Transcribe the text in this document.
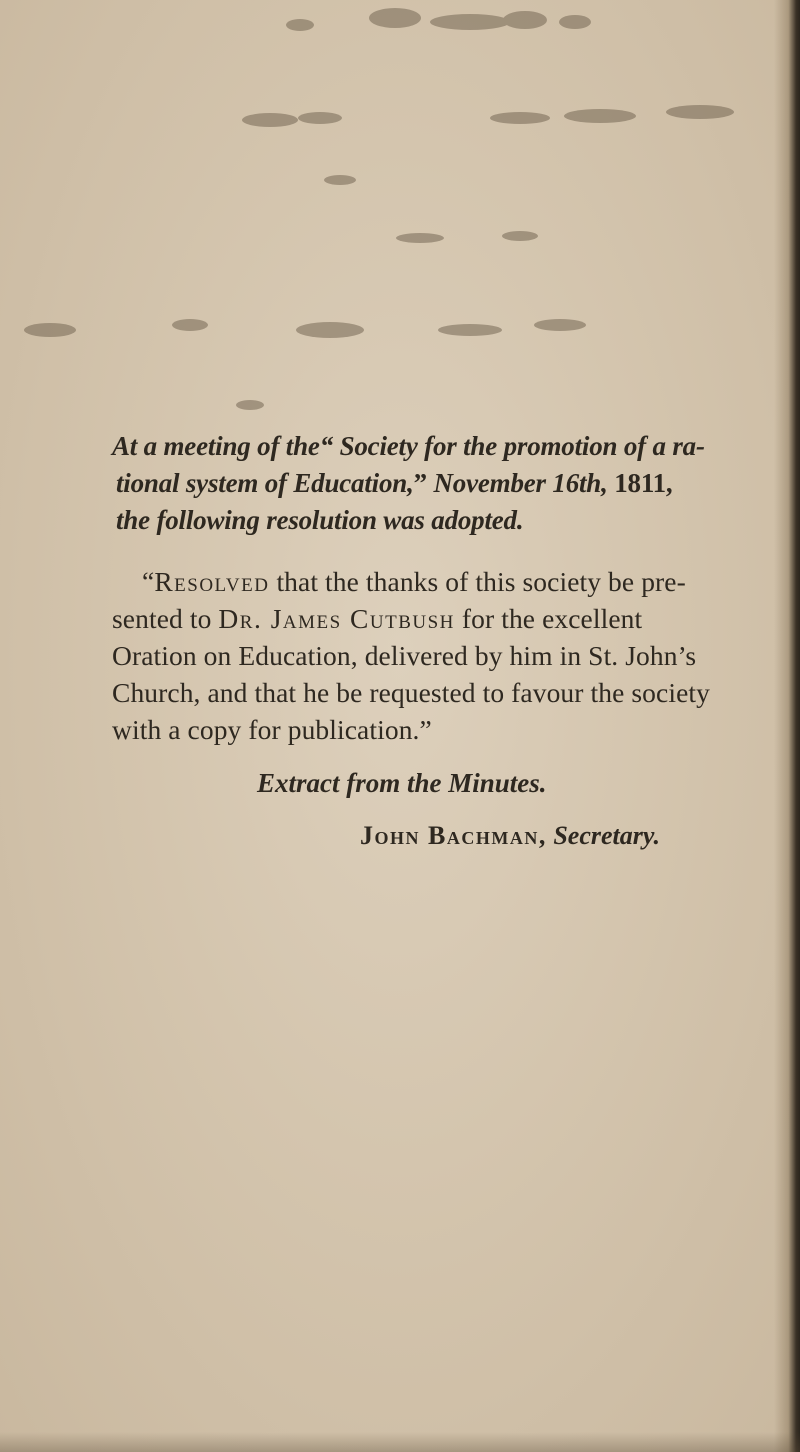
At a meeting of the“ Society for the promotion of a ra-
tional system of Education,” November 16th, 1811,
the following resolution was adopted.
“Resolved that the thanks of this society be pre-
sented to Dr. James Cutbush for the excellent
Oration on Education, delivered by him in St. John’s
Church, and that he be requested to favour the society
with a copy for publication.”
Extract from the Minutes.
John Bachman, Secretary.
